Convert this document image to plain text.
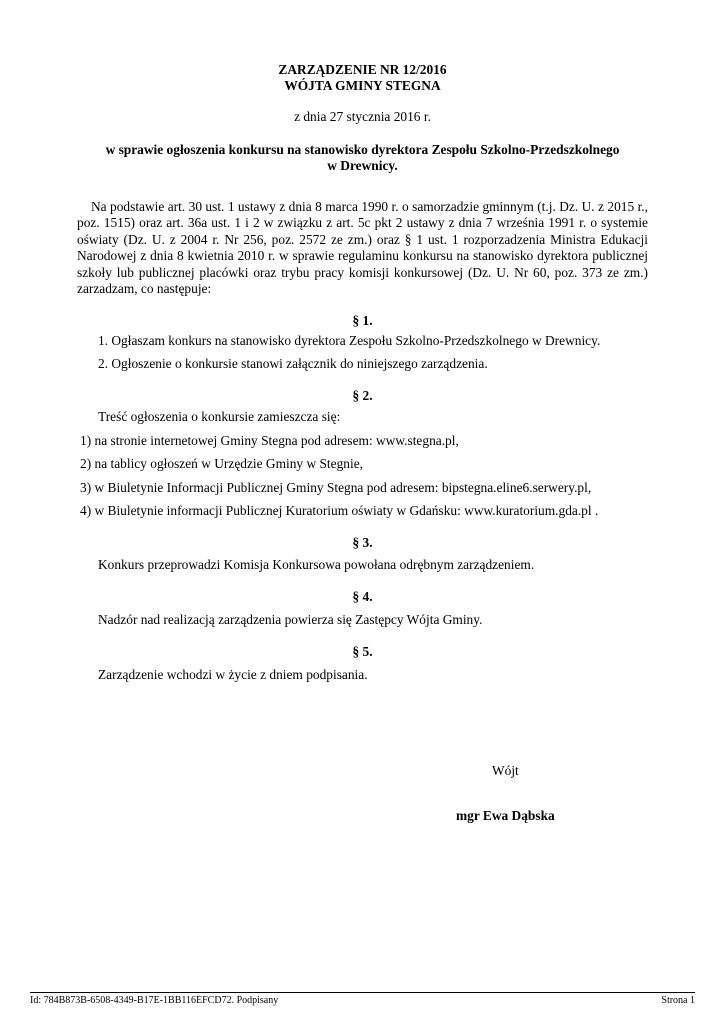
ZARZĄDZENIE NR 12/2016
WÓJTA GMINY STEGNA
z dnia 27 stycznia 2016 r.
w sprawie ogłoszenia konkursu na stanowisko dyrektora Zespołu Szkolno-Przedszkolnego
w Drewnicy.

Na podstawie art. 30 ust. 1 ustawy z dnia 8 marca 1990 r. o samorzadzie gminnym (t.j. Dz. U. z 2015 r., poz. 1515) oraz art. 36a ust. 1 i 2 w związku z art. 5c pkt 2 ustawy z dnia 7 września 1991 r. o systemie oświaty (Dz. U. z 2004 r. Nr 256, poz. 2572 ze zm.) oraz § 1 ust. 1 rozporzadzenia Ministra Edukacji Narodowej z dnia 8 kwietnia 2010 r. w sprawie regulaminu konkursu na stanowisko dyrektora publicznej szkoły lub publicznej placówki oraz trybu pracy komisji konkursowej (Dz. U. Nr 60, poz. 373 ze zm.) zarzadzam, co następuje:

§ 1.
1. Ogłaszam konkurs na stanowisko dyrektora Zespołu Szkolno-Przedszkolnego w Drewnicy.
2. Ogłoszenie o konkursie stanowi załącznik do niniejszego zarządzenia.
§ 2.
Treść ogłoszenia o konkursie zamieszcza się:
1) na stronie internetowej Gminy Stegna pod adresem: www.stegna.pl,
2) na tablicy ogłoszeń w Urzędzie Gminy w Stegnie,
3) w Biuletynie Informacji Publicznej Gminy Stegna pod adresem: bipstegna.eline6.serwery.pl,
4) w Biuletynie informacji Publicznej Kuratorium oświaty w Gdańsku: www.kuratorium.gda.pl .
§ 3.
Konkurs przeprowadzi Komisja Konkursowa powołana odrębnym zarządzeniem.
§ 4.
Nadzór nad realizacją zarządzenia powierza się Zastępcy Wójta Gminy.
§ 5.
Zarządzenie wchodzi w życie z dniem podpisania.
Wójt
mgr Ewa Dąbska
Id: 784B873B-6508-4349-B17E-1BB116EFCD72. Podpisany	Strona 1
